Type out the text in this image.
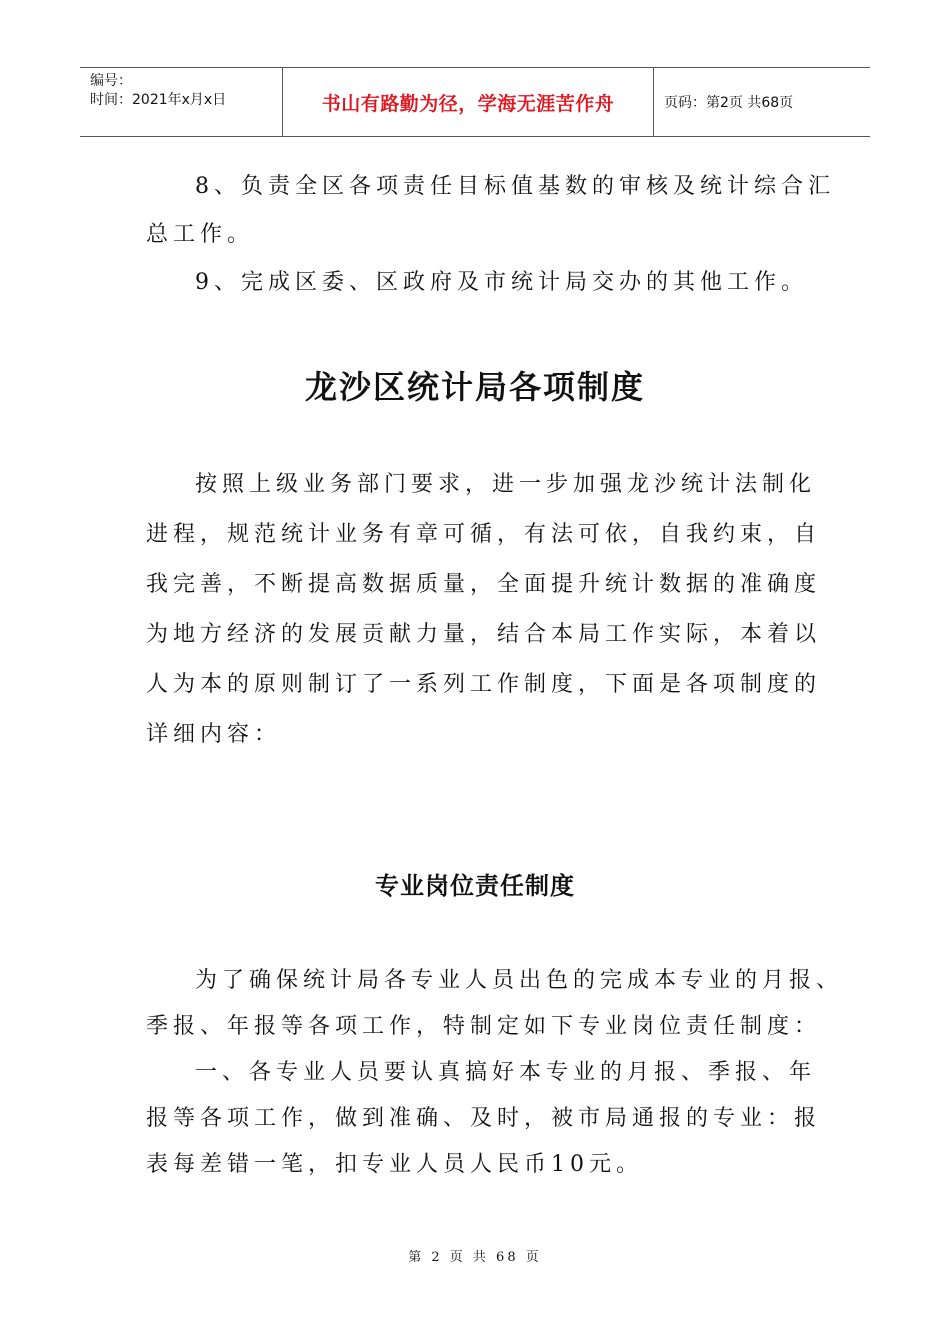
编号：
时间：2021年x月x日	书山有路勤为径，学海无涯苦作舟	页码：第2页 共68页
8、负责全区各项责任目标值基数的审核及统计综合汇
总工作。
9、完成区委、区政府及市统计局交办的其他工作。
龙沙区统计局各项制度
按照上级业务部门要求，进一步加强龙沙统计法制化
进程，规范统计业务有章可循，有法可依，自我约束，自
我完善，不断提高数据质量，全面提升统计数据的准确度
为地方经济的发展贡献力量，结合本局工作实际，本着以
人为本的原则制订了一系列工作制度，下面是各项制度的
详细内容：
专业岗位责任制度
为了确保统计局各专业人员出色的完成本专业的月报、
季报、年报等各项工作，特制定如下专业岗位责任制度：
一、各专业人员要认真搞好本专业的月报、季报、年
报等各项工作，做到准确、及时，被市局通报的专业：报
表每差错一笔，扣专业人员人民币10元。
第 2 页 共 68 页
